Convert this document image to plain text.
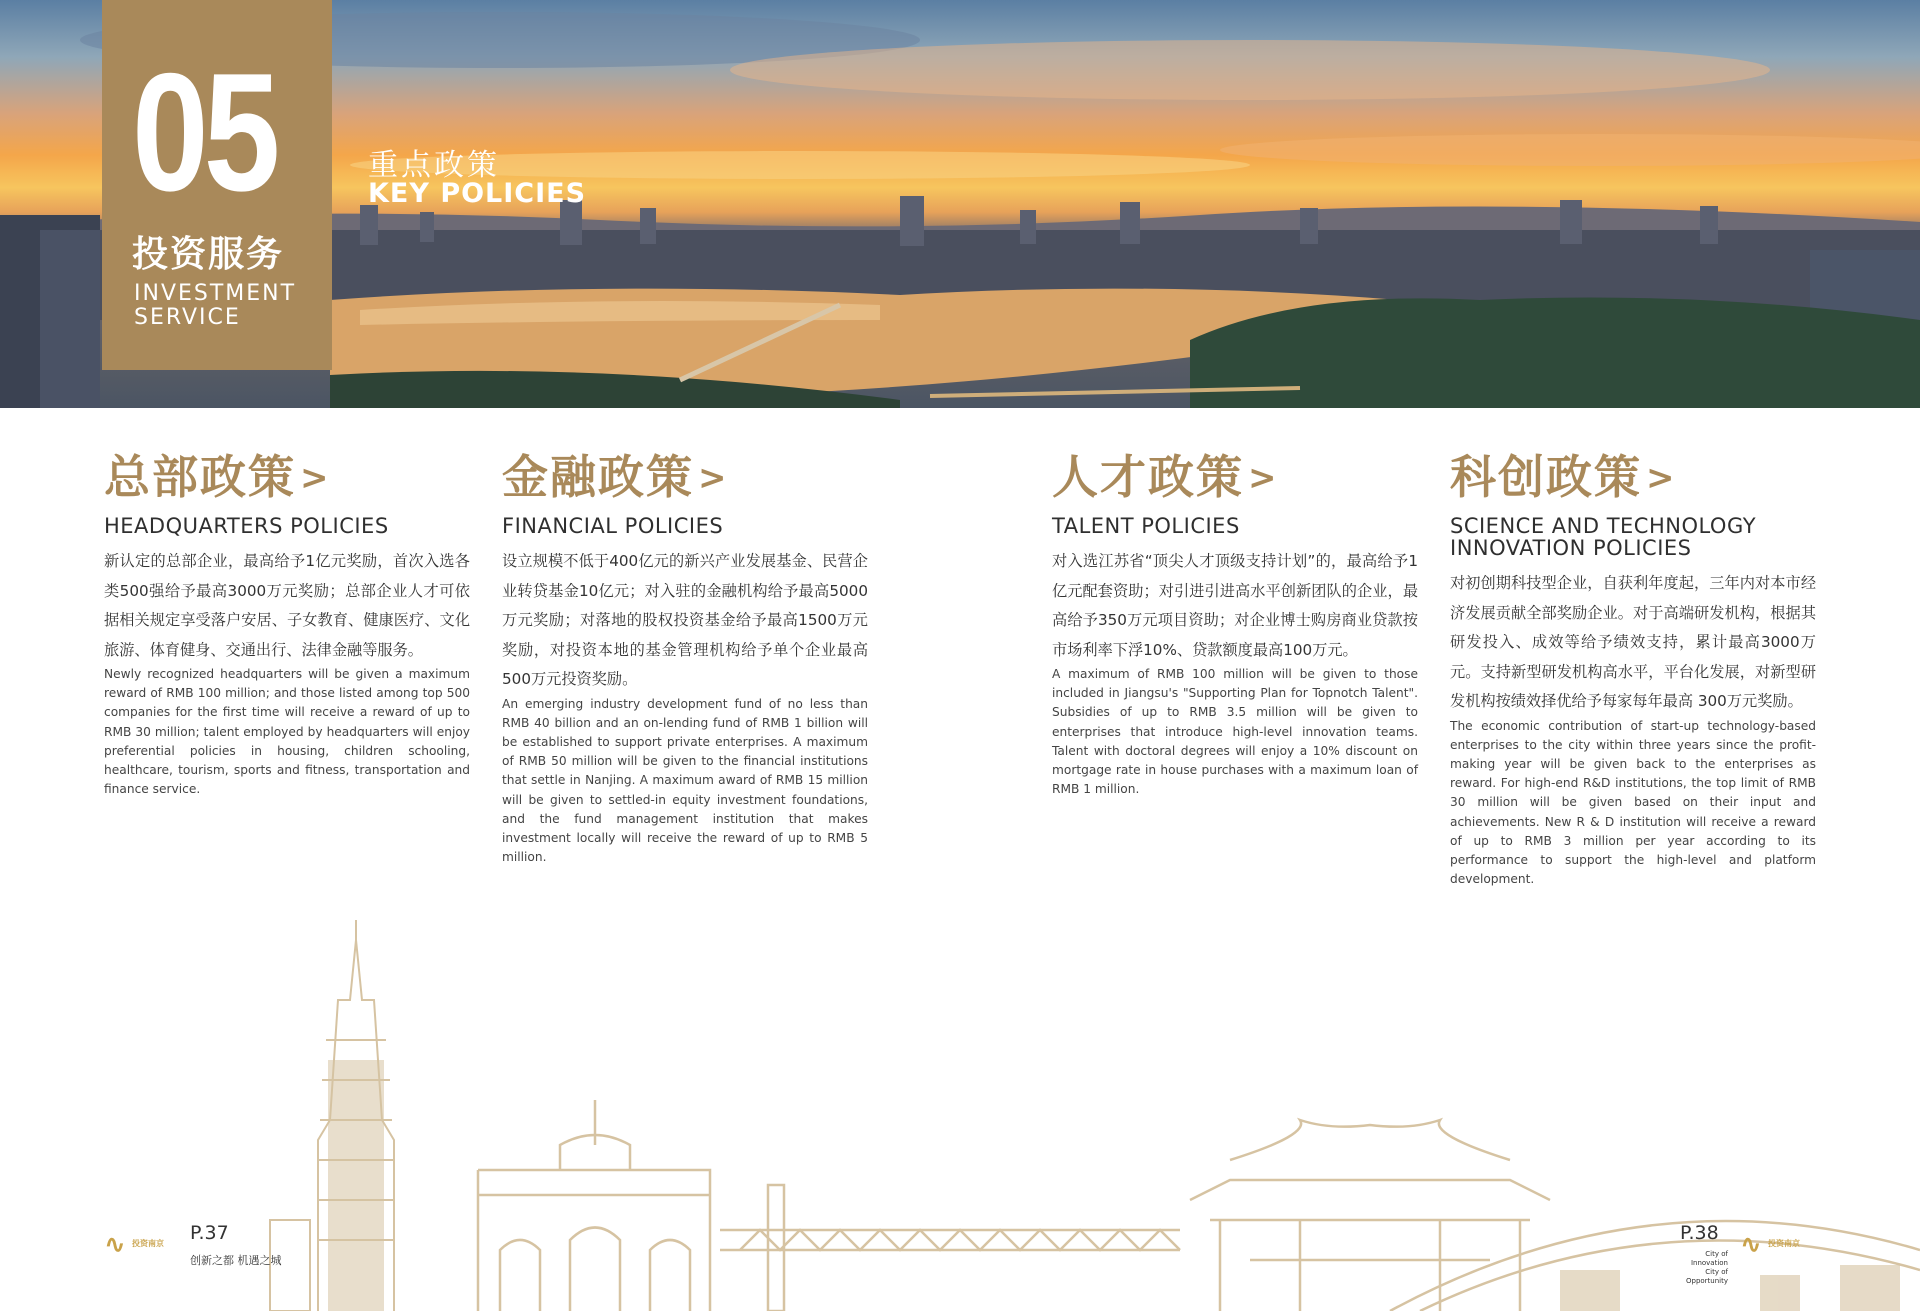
05
投资服务
INVESTMENT SERVICE
重点政策
KEY POLICIES
总部政策 >
HEADQUARTERS POLICIES

新认定的总部企业，最高给予1亿元奖励，首次入选各类500强给予最高3000万元奖励；总部企业人才可依据相关规定享受落户安居、子女教育、健康医疗、文化旅游、体育健身、交通出行、法律金融等服务。

Newly recognized headquarters will be given a maximum reward of RMB 100 million; and those listed among top 500 companies for the first time will receive a reward of up to RMB 30 million; talent employed by headquarters will enjoy preferential policies in housing, children schooling, healthcare, tourism, sports and fitness, transportation and finance service.

金融政策 >
FINANCIAL POLICIES

设立规模不低于400亿元的新兴产业发展基金、民营企业转贷基金10亿元；对入驻的金融机构给予最高5000万元奖励；对落地的股权投资基金给予最高1500万元奖励，对投资本地的基金管理机构给予单个企业最高500万元投资奖励。

An emerging industry development fund of no less than RMB 40 billion and an on-lending fund of RMB 1 billion will be established to support private enterprises. A maximum of RMB 50 million will be given to the financial institutions that settle in Nanjing. A maximum award of RMB 15 million will be given to settled-in equity investment foundations, and the fund management institution that makes investment locally will receive the reward of up to RMB 5 million.

人才政策 >
TALENT POLICIES

对入选江苏省“顶尖人才顶级支持计划”的，最高给予1亿元配套资助；对引进引进高水平创新团队的企业，最高给予350万元项目资助；对企业博士购房商业贷款按市场利率下浮10%、贷款额度最高100万元。

A maximum of RMB 100 million will be given to those included in Jiangsu's "Supporting Plan for Topnotch Talent". Subsidies of up to RMB 3.5 million will be given to enterprises that introduce high-level innovation teams. Talent with doctoral degrees will enjoy a 10% discount on mortgage rate in house purchases with a maximum loan of RMB 1 million.

科创政策 >
SCIENCE AND TECHNOLOGY INNOVATION POLICIES

对初创期科技型企业，自获利年度起，三年内对本市经济发展贡献全部奖励企业。对于高端研发机构，根据其研发投入、成效等给予绩效支持，累计最高3000万元。支持新型研发机构高水平，平台化发展，对新型研发机构按绩效择优给予每家每年最高 300万元奖励。

The economic contribution of start-up technology-based enterprises to the city within three years since the profit-making year will be given back to the enterprises as reward. For high-end R&D institutions, the top limit of RMB 30 million will be given based on their input and achievements. New R & D institution will receive a reward of up to RMB 3 million per year according to its performance to support the high-level and platform development.

∿ 投资南京 P.37
创新之都 机遇之城
P.38
City of Innovation
City of Opportunity
∿ 投资南京
